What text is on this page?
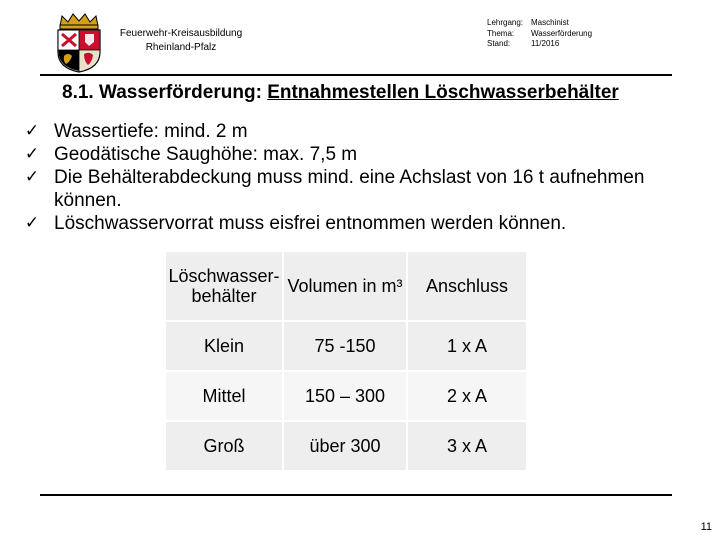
Feuerwehr-Kreisausbildung
Rheinland-Pfalz
Lehrgang: Maschinist
Thema:	Wasserförderung
Stand:	11/2016
8.1. Wasserförderung: Entnahmestellen Löschwasserbehälter
✓ Wassertiefe: mind. 2 m
✓ Geodätische Saughöhe: max. 7,5 m
✓ Die Behälterabdeckung muss mind. eine Achslast von 16 t aufnehmen können.
✓ Löschwasservorrat muss eisfrei entnommen werden können.
Löschwasser-
behälter	Volumen in m³	Anschluss
Klein	75 -150	1 x A
Mittel	150 – 300	2 x A
Groß	über 300	3 x A
11
